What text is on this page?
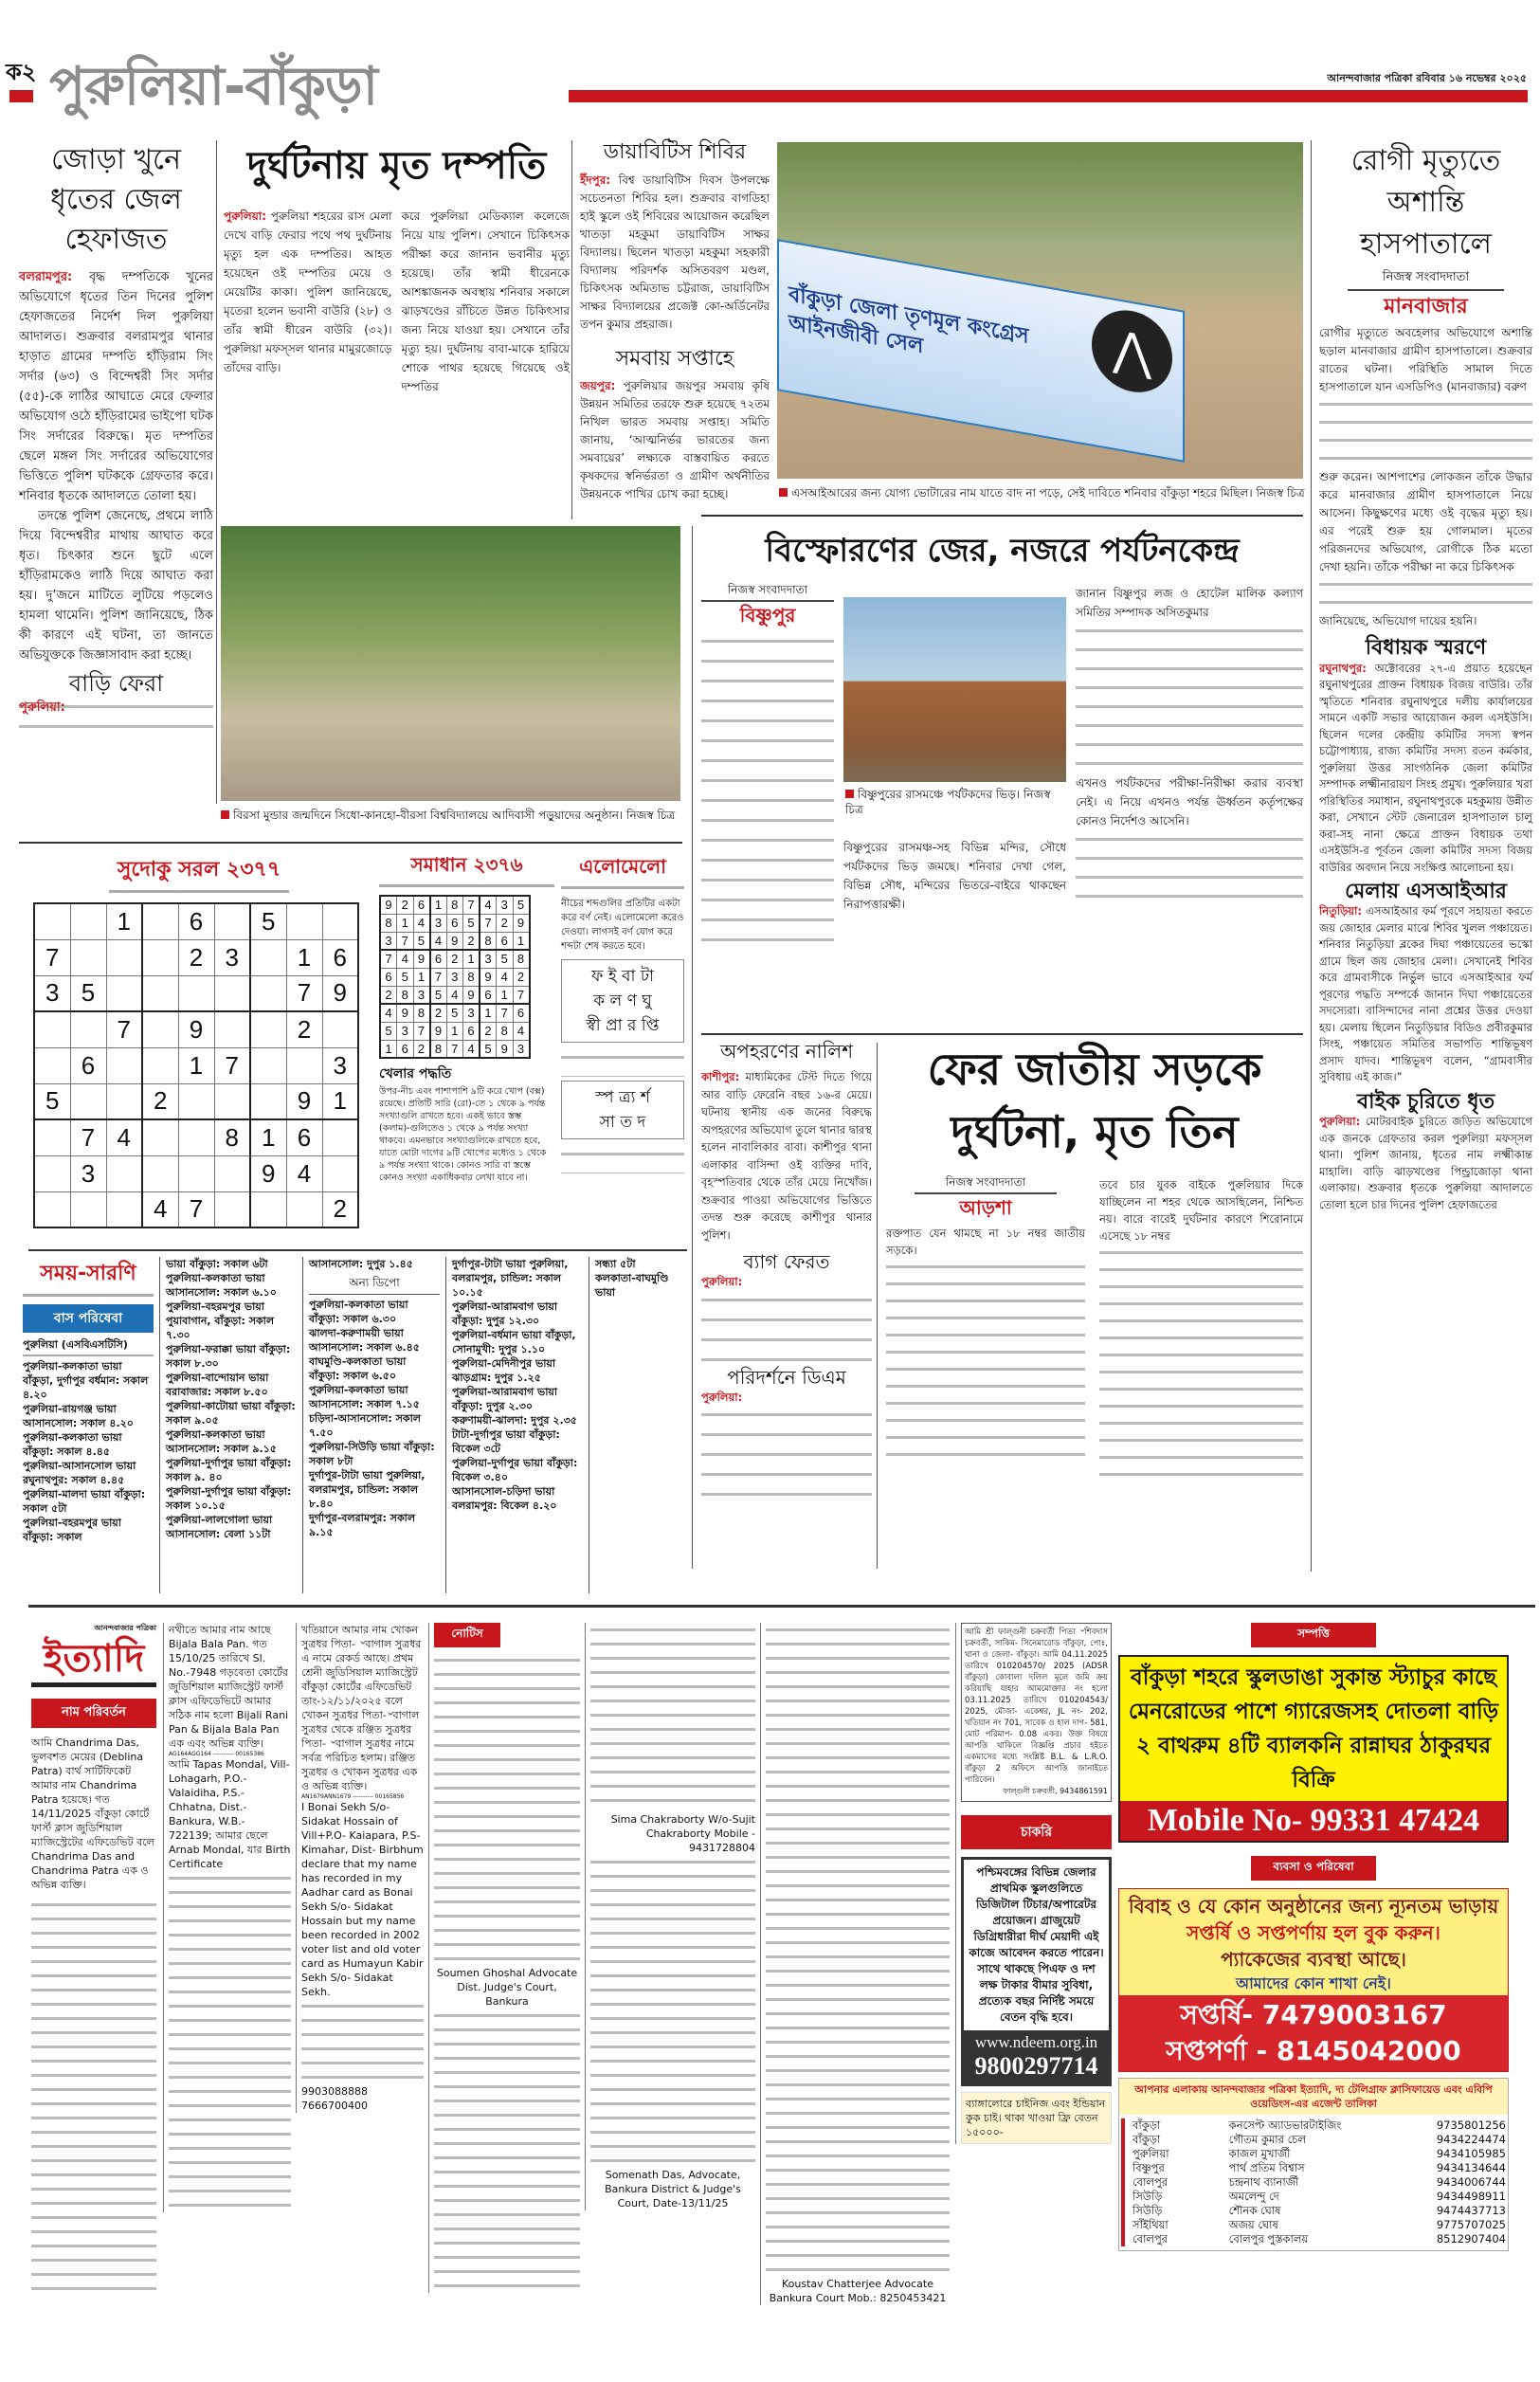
ক২ পুরুলিয়া-বাঁকুড়া	আনন্দবাজার পত্রিকা রবিবার ১৬ নভেম্বর ২০২৫
জোড়া খুনে ধৃতের জেল হেফাজত

বলরামপুর: বৃদ্ধ দম্পতিকে খুনের অভিযোগে ধৃতের তিন দিনের পুলিশ হেফাজতের নির্দেশ দিল পুরুলিয়া আদালত। শুক্রবার বলরামপুর থানার হাড়াত গ্রামের দম্পতি হাঁড়িরাম সিং সর্দার (৬৩) ও বিন্দেশ্বরী সিং সর্দার (৫৫)-কে লাঠির আঘাতে মেরে ফেলার অভিযোগ ওঠে হাঁড়িরামের ভাইপো ঘটক সিং সর্দারের বিরুদ্ধে। মৃত দম্পতির ছেলে মঙ্গল সিং সর্দারের অভিযোগের ভিত্তিতে পুলিশ ঘটককে গ্রেফতার করে। শনিবার ধৃতকে আদালতে তোলা হয়।

তদন্তে পুলিশ জেনেছে, প্রথমে লাঠি দিয়ে বিন্দেশ্বরীর মাথায় আঘাত করে ধৃত। চিৎকার শুনে ছুটে এলে হাঁড়িরামকেও লাঠি দিয়ে আঘাত করা হয়। দু’জনে মাটিতে লুটিয়ে পড়লেও হামলা থামেনি। পুলিশ জানিয়েছে, ঠিক কী কারণে এই ঘটনা, তা জানতে অভিযুক্তকে জিজ্ঞাসাবাদ করা হচ্ছে।

বাড়ি ফেরা

পুরুলিয়া:

দুর্ঘটনায় মৃত দম্পতি

পুরুলিয়া: পুরুলিয়া শহরের রাস মেলা দেখে বাড়ি ফেরার পথে পথ দুর্ঘটনায় মৃত্যু হল এক দম্পতির। আহত হয়েছেন ওই দম্পতির মেয়ে ও মেয়েটির কাকা। পুলিশ জানিয়েছে, মৃতেরা হলেন ভবানী বাউরি (২৮) ও তাঁর স্বামী ধীরেন বাউরি (৩২)। পুরুলিয়া মফস্সল থানার মামুরজোড়ে তাঁদের বাড়ি।

করে পুরুলিয়া মেডিক্যাল কলেজে নিয়ে যায় পুলিশ। সেখানে চিকিৎসক পরীক্ষা করে জানান ভবানীর মৃত্যু হয়েছে। তাঁর স্বামী ধীরেনকে আশঙ্কাজনক অবস্থায় শনিবার সকালে ঝাড়খণ্ডের রাঁচিতে উন্নত চিকিৎসার জন্য নিয়ে যাওয়া হয়। সেখানে তাঁর মৃত্যু হয়। দুর্ঘটনায় বাবা-মাকে হারিয়ে শোকে পাথর হয়েছে গিয়েছে ওই দম্পতির

ডায়াবিটিস শিবির

ইঁদপুর: বিশ্ব ডায়াবিটিস দিবস উপলক্ষে সচেতনতা শিবির হল। শুক্রবার বাগডিহা হাই স্কুলে ওই শিবিরের আয়োজন করেছিল খাতড়া মহকুমা ডায়াবিটিস সাক্ষর বিদ্যালয়। ছিলেন খাতড়া মহকুমা সহকারী বিদ্যালয় পরিদর্শক অসিতবরণ মণ্ডল, চিকিৎসক অমিতাভ চট্টরাজ, ডায়াবিটিস সাক্ষর বিদ্যালয়ের প্রজেক্ট কো-অর্ডিনেটর তপন কুমার প্রহরাজ।

সমবায় সপ্তাহে

জয়পুর: পুরুলিয়ার জয়পুর সমবায় কৃষি উন্নয়ন সমিতির তরফে শুরু হয়েছে ৭২তম নিখিল ভারত সমবায় সপ্তাহ। সমিতি জানায়, ‘আত্মনির্ভর ভারতের জন্য সমবায়ের’ লক্ষ্যকে বাস্তবায়িত করতে কৃষকদের স্বনির্ভরতা ও গ্রামীণ অর্থনীতির উন্নয়নকে পাখির চোখ করা হচ্ছে।

বাঁকুড়া জেলা তৃণমূল কংগ্রেস আইনজীবী সেল	⋀
এসআইআরের জন্য যোগ্য ভোটারের নাম যাতে বাদ না পড়ে, সেই দাবিতে শনিবার বাঁকুড়া শহরে মিছিল। নিজস্ব চিত্র
রোগী মৃত্যুতে অশান্তি হাসপাতালে
নিজস্ব সংবাদদাতা
মানবাজার

রোগীর মৃত্যুতে অবহেলার অভিযোগে অশান্তি ছড়াল মানবাজার গ্রামীণ হাসপাতালে। শুক্রবার রাতের ঘটনা। পরিস্থিতি সামাল দিতে হাসপাতালে যান এসডিপিও (মানবাজার) বরুণ

শুরু করেন। আশপাশের লোকজন তাঁকে উদ্ধার করে মানবাজার গ্রামীণ হাসপাতালে নিয়ে আসেন। কিছুক্ষণের মধ্যে ওই বৃদ্ধের মৃত্যু হয়। এর পরেই শুরু হয় গোলমাল। মৃতের পরিজনদের অভিযোগ, রোগীকে ঠিক মতো দেখা হয়নি। তাঁকে পরীক্ষা না করে চিকিৎসক

জানিয়েছে, অভিযোগ দায়ের হয়নি।

বিধায়ক স্মরণে

রঘুনাথপুর: অক্টোবরের ২৭-এ প্রয়াত হয়েছেন রঘুনাথপুরের প্রাক্তন বিধায়ক বিজয় বাউরি। তাঁর স্মৃতিতে শনিবার রঘুনাথপুরে দলীয় কার্যালয়ের সামনে একটি সভার আয়োজন করল এসইউসি। ছিলেন দলের কেন্দ্রীয় কমিটির সদস্য স্বপন চট্টোপাধ্যায়, রাজ্য কমিটির সদস্য রতন কর্মকার, পুরুলিয়া উত্তর সাংগঠনিক জেলা কমিটির সম্পাদক লক্ষ্মীনারায়ণ সিংহ প্রমুখ। পুরুলিয়ার খরা পরিস্থিতির সমাধান, রঘুনাথপুরকে মহকুমায় উন্নীত করা, সেখানে স্টেট জেনারেল হাসপাতাল চালু করা-সহ নানা ক্ষেত্রে প্রাক্তন বিধায়ক তথা এসইউসি-র পূর্বতন জেলা কমিটির সদস্য বিজয় বাউরির অবদান নিয়ে সংক্ষিপ্ত আলোচনা হয়।

মেলায় এসআইআর

নিতুড়িয়া: এসআইআর ফর্ম পূরণে সহায়তা করতে জয় জোহার মেলার মাঝে শিবির খুলল পঞ্চায়েত। শনিবার নিতুড়িয়া ব্লকের দিঘা পঞ্চায়েতের ভস্কো গ্রামে ছিল জয় জোহার মেলা। সেখানেই শিবির করে গ্রামবাসীকে নির্ভুল ভাবে এসআইআর ফর্ম পূরণের পদ্ধতি সম্পর্কে জানান দিঘা পঞ্চায়েতের সদস্যেরা। বাসিন্দাদের নানা প্রশ্নের উত্তর দেওয়া হয়। মেলায় ছিলেন নিতুড়িয়ার বিডিও প্রবীরকুমার সিংহ, পঞ্চায়েত সমিতির সভাপতি শান্তিভূষণ প্রসাদ যাদব। শান্তিভূষণ বলেন, “গ্রামবাসীর সুবিধায় এই কাজ।”

বাইক চুরিতে ধৃত

পুরুলিয়া: মোটরবাইক চুরিতে জড়িত অভিযোগে এক জনকে গ্রেফতার করল পুরুলিয়া মফস্সল থানা। পুলিশ জানায়, ধৃতের নাম লক্ষ্মীকান্ত মাহালি। বাড়ি ঝাড়খণ্ডের পিন্ড্রাজোড়া থানা এলাকায়। শুক্রবার ধৃতকে পুরুলিয়া আদালতে তোলা হলে চার দিনের পুলিশ হেফাজতের

বিরসা মুন্ডার জন্মদিনে সিধো-কানহো-বীরসা বিশ্ববিদ্যালয়ে আদিবাসী পড়ুয়াদের অনুষ্ঠান। নিজস্ব চিত্র
বিস্ফোরণের জের, নজরে পর্যটনকেন্দ্র
নিজস্ব সংবাদদাতা
বিষ্ণুপুর
বিষ্ণুপুরের রাসমঞ্চে পর্যটকদের ভিড়। নিজস্ব চিত্র

বিষ্ণুপুরের রাসমঞ্চ-সহ বিভিন্ন মন্দির, সৌধে পর্যটকদের ভিড় জমছে। শনিবার দেখা গেল, বিভিন্ন সৌধ, মন্দিরের ভিতরে-বাইরে থাকছেন নিরাপত্তারক্ষী।

জানান বিষ্ণুপুর লজ ও হোটেল মালিক কল্যাণ সমিতির সম্পাদক অসিতকুমার

এখনও পর্যটকদের পরীক্ষা-নিরীক্ষা করার ব্যবস্থা নেই। এ নিয়ে এখনও পর্যন্ত ঊর্ধ্বতন কর্তৃপক্ষের কোনও নির্দেশও আসেনি।

সুদোকু সরল ২৩৭৭
		1		6		5		
7				2	3		1	6
3	5						7	9
		7		9			2	
	6			1	7			3
5			2				9	1
	7	4			8	1	6	
	3					9	4	
			4	7				2
সমাধান ২৩৭৬
9	2	6	1	8	7	4	3	5
8	1	4	3	6	5	7	2	9
3	7	5	4	9	2	8	6	1
7	4	9	6	2	1	3	5	8
6	5	1	7	3	8	9	4	2
2	8	3	5	4	9	6	1	7
4	9	8	2	5	3	1	7	6
5	3	7	9	1	6	2	8	4
1	6	2	8	7	4	5	9	3
খেলার পদ্ধতি

উপর-নীচ এবং পাশাপাশি ৯টি করে খোপ (বক্স) রয়েছে। প্রতিটি সারি (রো)-তে ১ থেকে ৯ পর্যন্ত সংখ্যাগুলি রাখতে হবে। একই ভাবে স্তম্ভ (কলাম)-গুলিতেও ১ থেকে ৯ পর্যন্ত সংখ্যা থাকবে। এমনভাবে সংখ্যাগুলিকে রাখতে হবে, যাতে মোটা দাগের ৯টি খোপের মধ্যেও ১ থেকে ৯ পর্যন্ত সংখ্যা থাকে। কোনও সারি বা স্তম্ভে কোনও সংখ্যা একাধিকবার লেখা যাবে না।

এলোমেলো

নীচের শব্দগুলির প্রতিটির একটা করে বর্ণ নেই। এলোমেলো করেও দেওয়া। লাগসই বর্ণ যোগ করে শব্দটা শেষ করতে হবে।

ফ ই বা টা
ক ল ণ ঘু
স্বী প্রা র প্তি
স্প ত্র্য র্শ
সা ত দ
অপহরণের নালিশ

কাশীপুর: মাধ্যমিকের টেস্ট দিতে গিয়ে আর বাড়ি ফেরেনি বছর ১৬-র মেয়ে। ঘটনায় স্থানীয় এক জনের বিরুদ্ধে অপহরণের অভিযোগ তুলে থানার দ্বারস্থ হলেন নাবালিকার বাবা। কাশীপুর থানা এলাকার বাসিন্দা ওই ব্যক্তির দাবি, বৃহস্পতিবার থেকে তাঁর মেয়ে নিখোঁজ। শুক্রবার পাওয়া অভিযোগের ভিত্তিতে তদন্ত শুরু করেছে কাশীপুর থানার পুলিশ।

ব্যাগ ফেরত

পুরুলিয়া:

পরিদর্শনে ডিএম

পুরুলিয়া:

ফের জাতীয় সড়কে দুর্ঘটনা, মৃত তিন
নিজস্ব সংবাদদাতা
আড়শা

রক্তপাত যেন থামছে না ১৮ নম্বর জাতীয় সড়কে।

তবে চার যুবক বাইকে পুরুলিয়ার দিকে যাচ্ছিলেন না শহর থেকে আসছিলেন, নিশ্চিত নয়। বারে বারেই দুর্ঘটনার কারণে শিরোনামে এসেছে ১৮ নম্বর

সময়-সারণি
বাস পরিষেবা
পুরুলিয়া (এসবিএসটিসি)

পুরুলিয়া-কলকাতা ভায়া বাঁকুড়া, দুর্গাপুর বর্ধমান: সকাল ৪.২০

পুরুলিয়া-রায়গঞ্জ ভায়া আসানসোল: সকাল ৪.২০

পুরুলিয়া-কলকাতা ভায়া বাঁকুড়া: সকাল ৪.৪৫

পুরুলিয়া-আসানসোল ভায়া রঘুনাথপুর: সকাল ৪.৪৫

পুরুলিয়া-মালদা ভায়া বাঁকুড়া: সকাল ৫টা

পুরুলিয়া-বহরমপুর ভায়া বাঁকুড়া: সকাল

ভায়া বাঁকুড়া: সকাল ৬টা

পুরুলিয়া-কলকাতা ভায়া আসানসোল: সকাল ৬.১০

পুরুলিয়া-বহরমপুর ভায়া পুয়াবাগান, বাঁকুড়া: সকাল ৭.৩০

পুরুলিয়া-ফরাক্কা ভায়া বাঁকুড়া: সকাল ৮.৩০

পুরুলিয়া-বান্দোয়ান ভায়া বরাবাজার: সকাল ৮.৫০

পুরুলিয়া-কাটোয়া ভায়া বাঁকুড়া: সকাল ৯.০৫

পুরুলিয়া-কলকাতা ভায়া আসানসোল: সকাল ৯.১৫

পুরুলিয়া-দুর্গাপুর ভায়া বাঁকুড়া: সকাল ৯. ৪০

পুরুলিয়া-দুর্গাপুর ভায়া বাঁকুড়া: সকাল ১০.১৫

পুরুলিয়া-লালগোলা ভায়া আসানসোল: বেলা ১১টা

আসানসোল: দুপুর ১.৪৫

অন্য ডিপো

পুরুলিয়া-কলকাতা ভায়া বাঁকুড়া: সকাল ৬.৩০

ঝালদা-করুণাময়ী ভায়া আসানসোল: সকাল ৬.৪৫

বাঘমুণ্ডি-কলকাতা ভায়া বাঁকুড়া: সকাল ৬.৫০

পুরুলিয়া-কলকাতা ভায়া আসানসোল: সকাল ৭.১৫

চড়িদা-আসানসোল: সকাল ৭.৫০

পুরুলিয়া-সিউড়ি ভায়া বাঁকুড়া: সকাল ৮টা

দুর্গাপুর-টাটা ভায়া পুরুলিয়া, বলরামপুর, চান্ডিল: সকাল ৮.৪০

দুর্গাপুর-বলরামপুর: সকাল ৯.১৫

দুর্গাপুর-টাটা ভায়া পুরুলিয়া, বলরামপুর, চান্ডিল: সকাল ১০.১৫

পুরুলিয়া-আরামবাগ ভায়া বাঁকুড়া: দুপুর ১২.৩০

পুরুলিয়া-বর্ধমান ভায়া বাঁকুড়া, সোনামুখী: দুপুর ১.১০

পুরুলিয়া-মেদিনীপুর ভায়া ঝাড়গ্রাম: দুপুর ১.২৫

পুরুলিয়া-আরামবাগ ভায়া বাঁকুড়া: দুপুর ২.৩০

করুণাময়ী-ঝালদা: দুপুর ২.৩৫

টাটা-দুর্গাপুর ভায়া বাঁকুড়া: বিকেল ৩টে

পুরুলিয়া-দুর্গাপুর ভায়া বাঁকুড়া: বিকেল ৩.৪০

আসানসোল-চড়িদা ভায়া বলরামপুর: বিকেল ৪.২০

সন্ধ্যা ৫টা

কলকাতা-বাঘমুণ্ডি ভায়া

আনন্দবাজার পত্রিকা
ইত্যাদি
নাম পরিবর্তন

আমি Chandrima Das, ভুলবশত মেয়ের (Deblina Patra) বার্থ সার্টিফিকেট আমার নাম Chandrima Patra হয়েছে। গত 14/11/2025 বাঁকুড়া কোর্টে ফার্স্ট ক্লাস জুডিশিয়াল ম্যাজিস্ট্রেটের এফিডেভিট বলে Chandrima Das and Chandrima Patra এক ও অভিন্ন ব্যক্তি।

নথীতে আমার নাম আছে Bijala Bala Pan. গত 15/10/25 তারিখে Sl. No.-7948 গড়বেতা কোর্টের জুডিশিয়াল ম্যাজিস্ট্রেট ফার্স্ট ক্লাস এফিডেভিটে আমার সঠিক নাম হলো Bijali Rani Pan & Bijala Bala Pan এক এবং অভিন্ন ব্যক্তি।

AG164AGG164 ---------- 00165386

আমি Tapas Mondal, Vill- Lohagarh, P.O.- Valaidiha, P.S.- Chhatna, Dist.- Bankura, W.B.- 722139; আমার ছেলে Arnab Mondal, যার Birth Certificate

খতিয়ানে আমার নাম খোকন সুত্রধর পিতা- ৺বাগাল সুত্রধর এ নামে রেকর্ড আছে। প্রথম শ্রেনী জুডিসিয়াল ম্যাজিস্ট্রেট বাঁকুড়া কোর্টের এফিডেভিট তাং-১২/১১/২০২৫ বলে খোকন সুত্রধর পিতা-৺বাগাল সুত্রধর থেকে রঞ্জিত সুত্রধর পিতা- ৺বাগাল সুত্রধর নামে সর্বত্র পরিচিত হলাম। রঞ্জিত সুত্রধর ও খোকন সুত্রধর এক ও অভিন্ন ব্যক্তি।

AN1679ANN1679 ---------- 00165856

I Bonai Sekh S/o- Sidakat Hossain of Vill+P.O- Kaiapara, P.S- Kimahar, Dist- Birbhum declare that my name has recorded in my Aadhar card as Bonai Sekh S/o- Sidakat Hossain but my name been recorded in 2002 voter list and old voter card as Humayun Kabir Sekh S/o- Sidakat Sekh.

9903088888

7666700400

নোটিস

Soumen Ghoshal Advocate Dist. Judge's Court, Bankura

Sima Chakraborty W/o-Sujit Chakraborty Mobile - 9431728804

Somenath Das, Advocate, Bankura District & Judge's Court, Date-13/11/25

Koustav Chatterjee Advocate Bankura Court Mob.: 8250453421

আমি শ্রী ফাল্গুনী চক্রবর্তী পিতা ৺শিবদাস চক্রবর্তী, সাকিম- সিনেমারোড বাঁকুড়া, পোঃ, থানা ও জেলা- বাঁকুড়া। আমি 04.11.2025 তারিখে 010204570/ 2025 (ADSR বাঁকুড়া) কোবালা দলিল মূলে জমি ক্রয় করিয়াছি যাহার আমমোক্তার নং হলো 03.11.2025 তারিখে 010204543/ 2025, মৌজা- একেশ্বর, JL নং- 202, খতিয়ান নং 701, সাবেক ও হাল দাগ- 581, মোট পরিমাপ- 0.08 একর। উক্ত বিষয়ে আপত্তি থাকিলে বিজ্ঞপ্তি প্রচার হইতে একমাসের মধ্যে সংশ্লিষ্ট B.L. & L.R.O. বাঁকুড়া 2 অফিসে আপত্তি জানাইতে পারিবেন।

ফাল্গুনী চক্রবর্তী, 9434861591

চাকরি

পশ্চিমবঙ্গের বিভিন্ন জেলার প্রাথমিক স্কুলগুলিতে ডিজিটাল টিচার/অপারেটর প্রয়োজন। গ্রাজুয়েট ডিগ্রিধারীরা দীর্ঘ মেয়াদী এই কাজে আবেদন করতে পারেন। সাথে থাকছে পিএফ ও দশ লক্ষ টাকার বীমার সুবিধা, প্রত্যেক বছর নির্দিষ্ট সময়ে বেতন বৃদ্ধি হবে।

www.ndeem.org.in
9800297714

ব্যাঙ্গালোরে চাইনিজ এবং ইন্ডিয়ান কুক চাই। থাকা খাওয়া ফ্রি বেতন ১৫০০০-

সম্পত্তি

বাঁকুড়া শহরে স্কুলডাঙা সুকান্ত স্ট্যাচুর কাছে মেনরোডের পাশে গ্যারেজসহ দোতলা বাড়ি ২ বাথরুম ৪টি ব্যালকনি রান্নাঘর ঠাকুরঘর বিক্রি

Mobile No- 99331 47424
ব্যবসা ও পরিষেবা

বিবাহ ও যে কোন অনুষ্ঠানের জন্য ন্যূনতম ভাড়ায়

সপ্তর্ষি ও সপ্তপর্ণায় হল বুক করুন।

প্যাকেজের ব্যবস্থা আছে।

আমাদের কোন শাখা নেই।

সপ্তর্ষি- 7479003167
সপ্তপর্ণা - 8145042000
আপনার এলাকায় আনন্দবাজার পত্রিকা ইত্যাদি, দ্য টেলিগ্রাফ ক্লাসিফায়েড এবং এবিপি ওয়েডিংস-এর এজেন্ট তালিকা
বাঁকুড়া	কনসেপ্ট অ্যাডভারটাইজিং	9735801256
বাঁকুড়া	গৌতম কুমার চেল	9434224474
পুরুলিয়া	কাজল মুখার্জী	9434105985
বিষ্ণুপুর	পার্থ প্রতিম বিশ্বাস	9434134644
বোলপুর	চন্দ্রনাথ ব্যানার্জী	9434006744
সিউড়ি	অমলেন্দু দে	9434498911
সিউড়ি	শৌনক ঘোষ	9474437713
সাঁইথিয়া	অজয় ঘোষ	9775707025
বোলপুর	বোলপুর পুস্তকালয়	8512907404
